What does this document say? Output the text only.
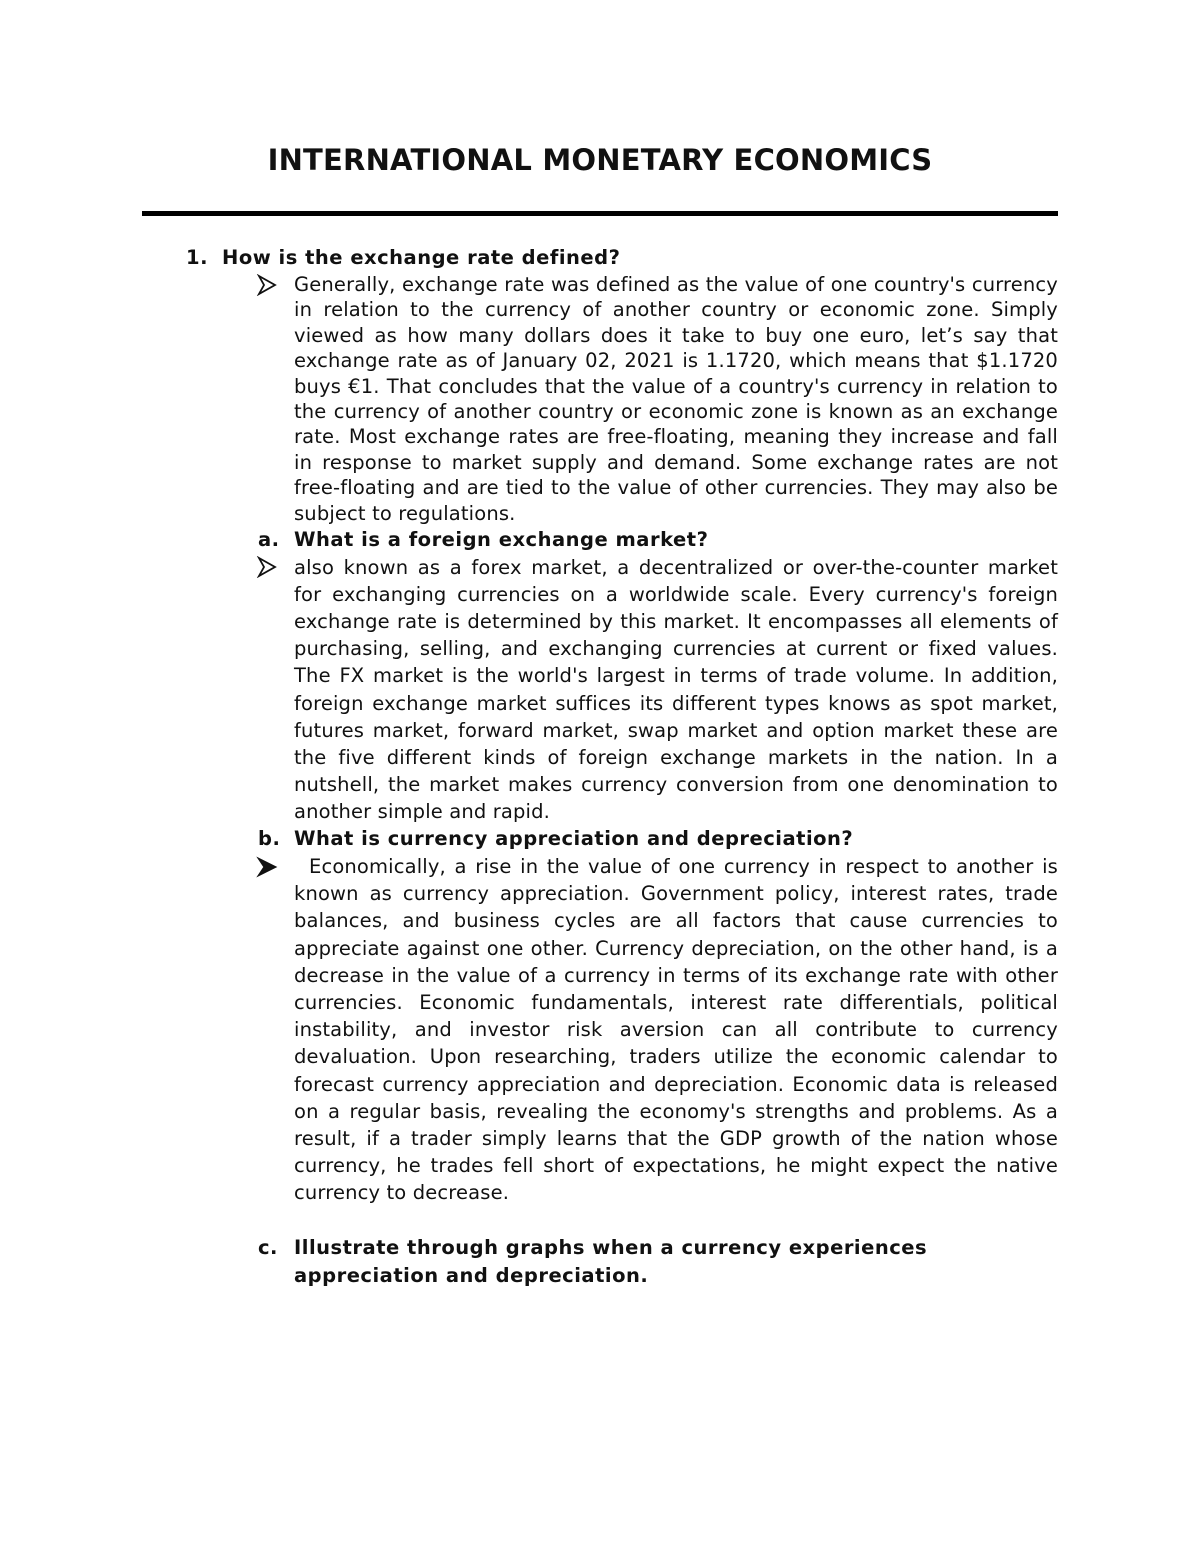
INTERNATIONAL MONETARY ECONOMICS
1. How is the exchange rate defined?
Generally, exchange rate was defined as the value of one country's currency in relation to the currency of another country or economic zone. Simply viewed as how many dollars does it take to buy one euro, let’s say that exchange rate as of January 02, 2021 is 1.1720, which means that $1.1720 buys €1. That concludes that the value of a country's currency in relation to the currency of another country or economic zone is known as an exchange rate. Most exchange rates are free-floating, meaning they increase and fall in response to market supply and demand. Some exchange rates are not free-floating and are tied to the value of other currencies. They may also be subject to regulations.
a. What is a foreign exchange market?
also known as a forex market, a decentralized or over-the-counter market for exchanging currencies on a worldwide scale. Every currency's foreign exchange rate is determined by this market. It encompasses all elements of purchasing, selling, and exchanging currencies at current or fixed values. The FX market is the world's largest in terms of trade volume. In addition, foreign exchange market suffices its different types knows as spot market, futures market, forward market, swap market and option market these are the five different kinds of foreign exchange markets in the nation. In a nutshell, the market makes currency conversion from one denomination to another simple and rapid.
b. What is currency appreciation and depreciation?
Economically, a rise in the value of one currency in respect to another is known as currency appreciation. Government policy, interest rates, trade balances, and business cycles are all factors that cause currencies to appreciate against one other. Currency depreciation, on the other hand, is a decrease in the value of a currency in terms of its exchange rate with other currencies. Economic fundamentals, interest rate differentials, political instability, and investor risk aversion can all contribute to currency devaluation. Upon researching, traders utilize the economic calendar to forecast currency appreciation and depreciation. Economic data is released on a regular basis, revealing the economy's strengths and problems. As a result, if a trader simply learns that the GDP growth of the nation whose currency, he trades fell short of expectations, he might expect the native currency to decrease.
c. Illustrate through graphs when a currency experiences appreciation and depreciation.
